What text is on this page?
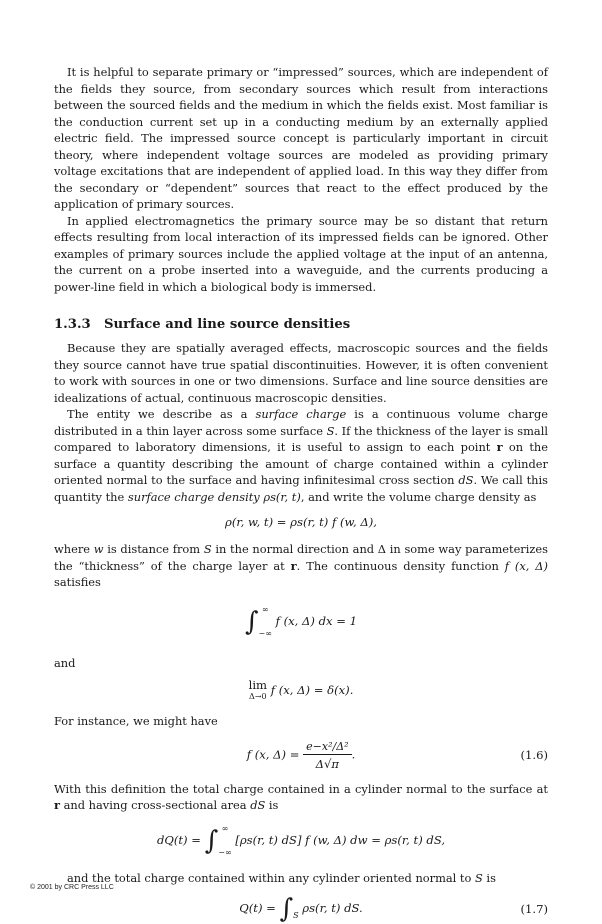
It is helpful to separate primary or “impressed” sources, which are independent of the fields they source, from secondary sources which result from interactions between the sourced fields and the medium in which the fields exist. Most familiar is the conduction current set up in a conducting medium by an externally applied electric field. The impressed source concept is particularly important in circuit theory, where independent voltage sources are modeled as providing primary voltage excitations that are independent of applied load. In this way they differ from the secondary or “dependent” sources that react to the effect produced by the application of primary sources.

In applied electromagnetics the primary source may be so distant that return effects resulting from local interaction of its impressed fields can be ignored. Other examples of primary sources include the applied voltage at the input of an antenna, the current on a probe inserted into a waveguide, and the currents producing a power-line field in which a biological body is immersed.

1.3.3 Surface and line source densities

Because they are spatially averaged effects, macroscopic sources and the fields they source cannot have true spatial discontinuities. However, it is often convenient to work with sources in one or two dimensions. Surface and line source densities are idealizations of actual, continuous macroscopic densities.

The entity we describe as a surface charge is a continuous volume charge distributed in a thin layer across some surface S. If the thickness of the layer is small compared to laboratory dimensions, it is useful to assign to each point r on the surface a quantity describing the amount of charge contained within a cylinder oriented normal to the surface and having infinitesimal cross section dS. We call this quantity the surface charge density ρs(r, t), and write the volume charge density as

ρ(r, w, t) = ρs(r, t) f (w, Δ),

where w is distance from S in the normal direction and Δ in some way parameterizes the “thickness” of the charge layer at r. The continuous density function f (x, Δ) satisfies

∫ ∞
−∞
f (x, Δ) dx = 1

and

lim
Δ→0 f (x, Δ) = δ(x).

For instance, we might have

f (x, $\Delta) = \frac{\text{e−x²/Δ²}}{\Delta√\pi}$ .	(1.6)

With this definition the total charge contained in a cylinder normal to the surface at r and having cross-sectional area dS is

dQ(t) = ∫ ∞
−∞
[ρs(r, t) dS] f (w, Δ) dw = ρs(r, t) dS,

and the total charge contained within any cylinder oriented normal to S is

Q(t) = ∫ S
ρs(r, t) dS.	(1.7)
© 2001 by CRC Press LLC
